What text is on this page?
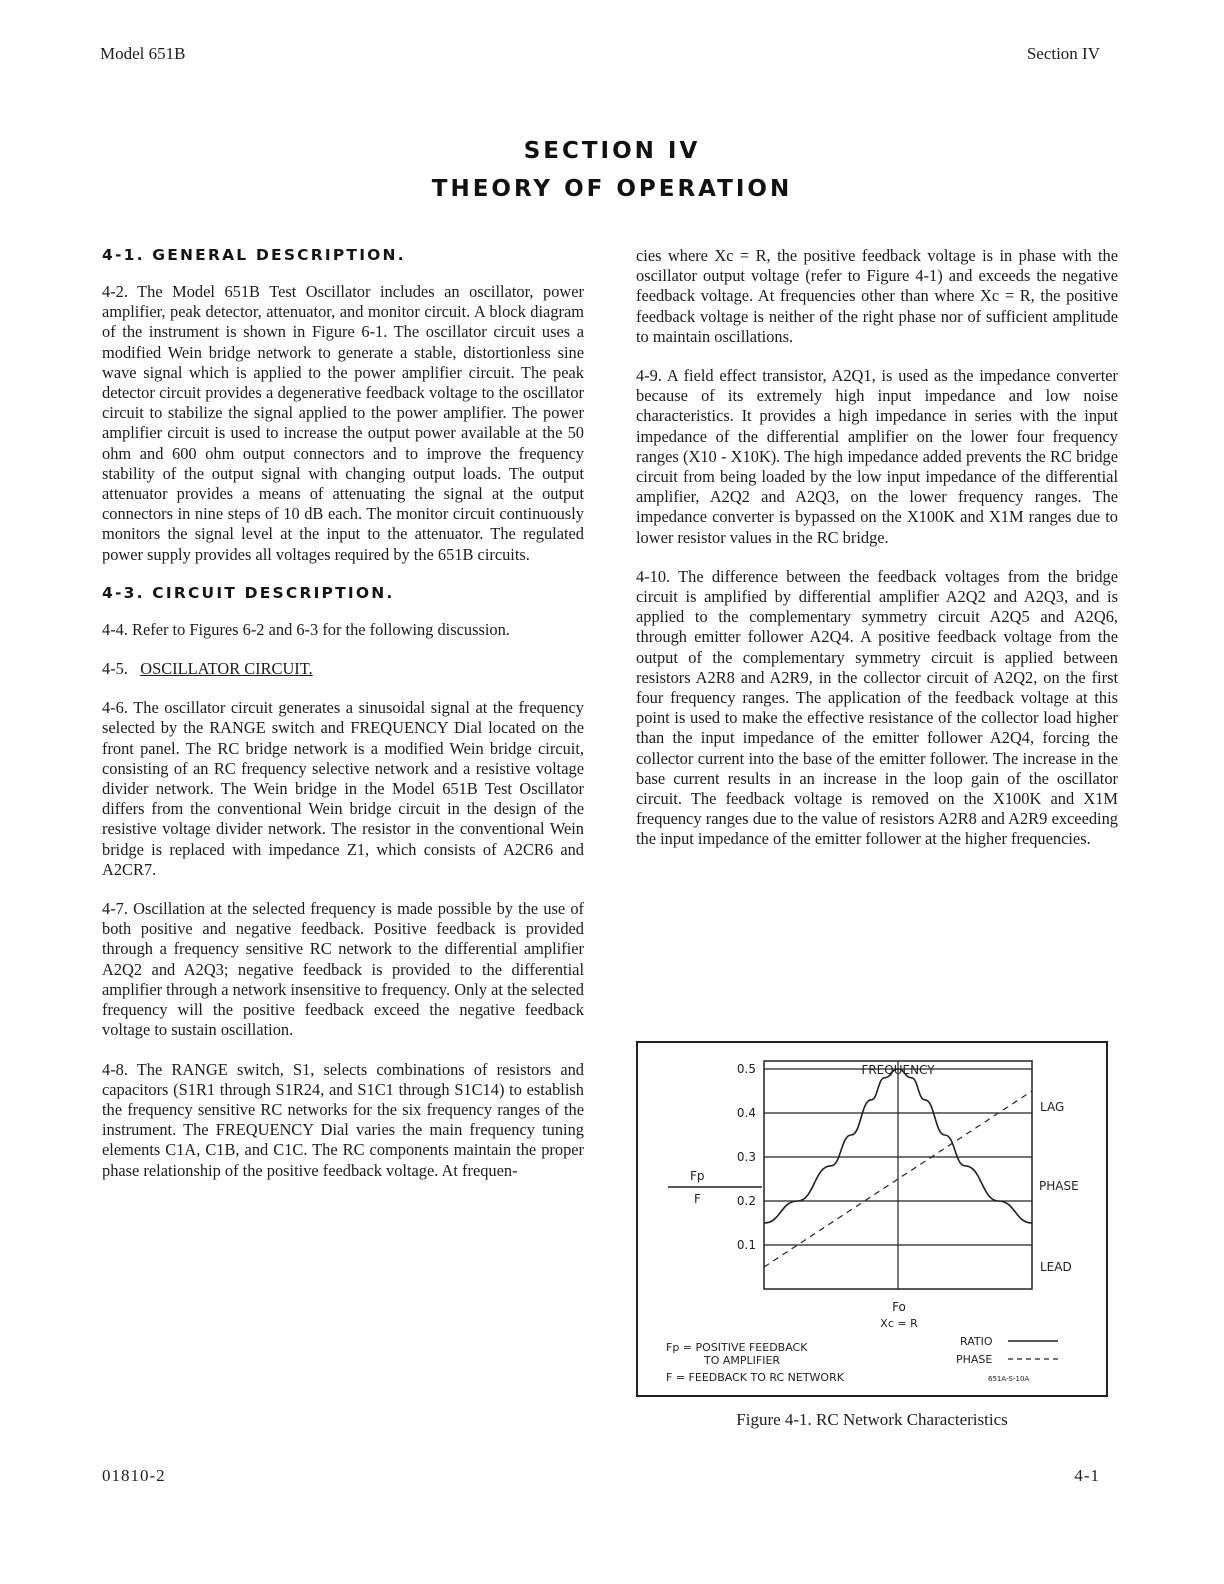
Model 651B	Section IV
SECTION IV
THEORY OF OPERATION
4-1. GENERAL DESCRIPTION.

4-2. The Model 651B Test Oscillator includes an oscillator, power amplifier, peak detector, attenuator, and monitor circuit. A block diagram of the instrument is shown in Figure 6-1. The oscillator circuit uses a modified Wein bridge network to generate a stable, distortionless sine wave signal which is applied to the power amplifier circuit. The peak detector circuit provides a degenerative feedback voltage to the oscillator circuit to stabilize the signal applied to the power amplifier. The power amplifier circuit is used to increase the output power available at the 50 ohm and 600 ohm output connectors and to improve the frequency stability of the output signal with changing output loads. The output attenuator provides a means of attenuating the signal at the output connectors in nine steps of 10 dB each. The monitor circuit continuously monitors the signal level at the input to the attenuator. The regulated power supply provides all voltages required by the 651B circuits.

4-3. CIRCUIT DESCRIPTION.

4-4. Refer to Figures 6-2 and 6-3 for the following discussion.

4-5. OSCILLATOR CIRCUIT.

4-6. The oscillator circuit generates a sinusoidal signal at the frequency selected by the RANGE switch and FREQUENCY Dial located on the front panel. The RC bridge network is a modified Wein bridge circuit, consisting of an RC frequency selective network and a resistive voltage divider network. The Wein bridge in the Model 651B Test Oscillator differs from the conventional Wein bridge circuit in the design of the resistive voltage divider network. The resistor in the conventional Wein bridge is replaced with impedance Z1, which consists of A2CR6 and A2CR7.

4-7. Oscillation at the selected frequency is made possible by the use of both positive and negative feedback. Positive feedback is provided through a frequency sensitive RC network to the differential amplifier A2Q2 and A2Q3; negative feedback is provided to the differential amplifier through a network insensitive to frequency. Only at the selected frequency will the positive feedback exceed the negative feedback voltage to sustain oscillation.

4-8. The RANGE switch, S1, selects combinations of resistors and capacitors (S1R1 through S1R24, and S1C1 through S1C14) to establish the frequency sensitive RC networks for the six frequency ranges of the instrument. The FREQUENCY Dial varies the main frequency tuning elements C1A, C1B, and C1C. The RC components maintain the proper phase relationship of the positive feedback voltage. At frequen-

cies where Xc = R, the positive feedback voltage is in phase with the oscillator output voltage (refer to Figure 4-1) and exceeds the negative feedback voltage. At frequencies other than where Xc = R, the positive feedback voltage is neither of the right phase nor of sufficient amplitude to maintain oscillations.

4-9. A field effect transistor, A2Q1, is used as the impedance converter because of its extremely high input impedance and low noise characteristics. It provides a high impedance in series with the input impedance of the differential amplifier on the lower four frequency ranges (X10 - X10K). The high impedance added prevents the RC bridge circuit from being loaded by the low input impedance of the differential amplifier, A2Q2 and A2Q3, on the lower frequency ranges. The impedance converter is bypassed on the X100K and X1M ranges due to lower resistor values in the RC bridge.

4-10. The difference between the feedback voltages from the bridge circuit is amplified by differential amplifier A2Q2 and A2Q3, and is applied to the complementary symmetry circuit A2Q5 and A2Q6, through emitter follower A2Q4. A positive feedback voltage from the output of the complementary symmetry circuit is applied between resistors A2R8 and A2R9, in the collector circuit of A2Q2, on the first four frequency ranges. The application of the feedback voltage at this point is used to make the effective resistance of the collector load higher than the input impedance of the emitter follower A2Q4, forcing the collector current into the base of the emitter follower. The increase in the base current results in an increase in the loop gain of the oscillator circuit. The feedback voltage is removed on the X100K and X1M frequency ranges due to the value of resistors A2R8 and A2R9 exceeding the input impedance of the emitter follower at the higher frequencies.

0.5
0.4
0.3
0.2
0.1
FREQUENCY
Fp
F
LAG
PHASE
LEAD
Fo
Xc = R
Fp = POSITIVE FEEDBACK
TO AMPLIFIER
F = FEEDBACK TO RC NETWORK
RATIO
PHASE
651A-S-10A
Figure 4-1. RC Network Characteristics
01810-2	4-1
